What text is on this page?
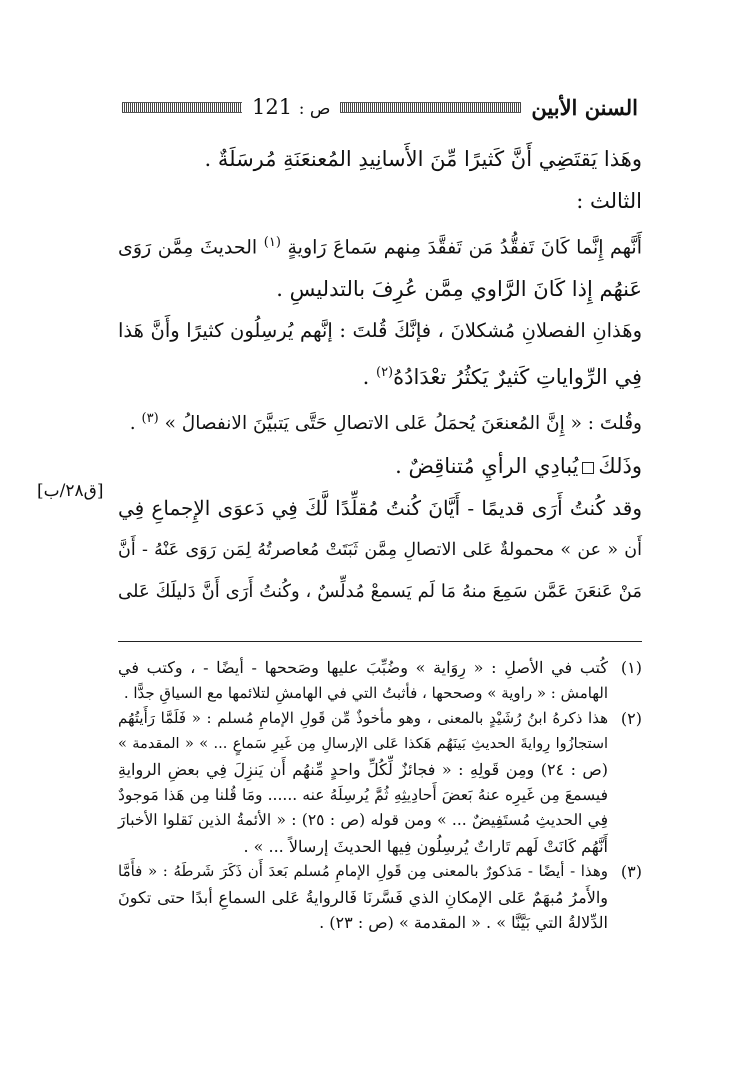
السنن الأبين
ص : 121
وهَذا يَقتَضِي أَنَّ كَثيرًا مِّنَ الأَسانِيدِ المُعنعَنَةِ مُرسَلَةٌ .
الثالث :
أَنَّهم إِنَّما كَانَ تَفقُّدُ مَن تَفقَّدَ مِنهم سَماعَ رَاويةٍ $^{(١)}$ الحديثَ مِمَّن رَوَى
عَنهُم إِذا كَانَ الرَّاوي مِمَّن عُرِفَ بالتدليسِ .
وهَذانِ الفصلانِ مُشكلانَ ، فإنَّكَ قُلتَ : إنَّهم يُرسِلُون كثيرًا وأَنَّ هَذا
فِي الرِّواياتِ كَثيرٌ يَكثُرُ تعْدَادُهُ$^{(٢)}$ .
وقُلتَ : « إِنَّ المُعنعَنَ يُحمَلُ عَلى الاتصالِ حَتَّى يَتبيَّنَ الانفصالُ » $^{(٣)}$ .
وذَلكَيُبادِي الرأيِ مُتناقِضٌ .
وقد كُنتُ أَرَى قديمًا - أَيَّانَ كُنتُ مُقلِّدًا لَّكَ فِي دَعوَى الإِجماعِ فِي
أَن « عن » محمولةٌ عَلى الاتصالِ مِمَّن ثَبَتَتْ مُعاصرتُهُ لِمَن رَوَى عَنْهُ - أَنَّ
مَنْ عَنعَنَ عَمَّن سَمِعَ منهُ مَا لَم يَسمعْ مُدلِّسٌ ، وكُنتُ أَرَى أَنَّ دَليلَكَ عَلى
[ق٢٨/ب]
(١)
كُتب في الأصلِ : « رِوَاية » وضُبِّبَ عليها وصَححها - أيضًا - ، وكتب في
الهامش : « راوية » وصححها ، فأثبتُ التي في الهامشِ لتلائمها مع السياقِ جدًّا .
(٢)
هذا ذكرهُ ابنُ رُشَيْدٍ بالمعنى ، وهو مأخوذٌ مِّن قَولِ الإمامِ مُسلم : « فَلَمَّا رَأَيتُهُم
استجازُوا رِوايةَ الحديثِ بَينَهُم هَكذا عَلى الإرسالِ مِن غَيرِ سَماعٍ ... » « المقدمة »
(ص : ٢٤) ومِن قَولِهِ : « فجائزٌ لِّكُلِّ واحدٍ مِّنهُم أَن يَنزِلَ فِي بعضِ الروايةِ
فيسمعَ مِن غَيرِه عنهُ بَعضَ أَحادِيثِهِ ثُمَّ يُرسِلَهُ عنه ...... ومَا قُلنا مِن هَذا مَوجودٌ
فِي الحديثِ مُستَفِيضٌ ... » ومن قوله (ص : ٢٥) : « الأئمةُ الذين نَقلوا الأخبارَ
أَنَّهُم كَانَتْ لَهم تَاراتٌ يُرسِلُون فِيها الحديثَ إرسالاً ... » .
(٣)
وهذا - أيضًا - مَذكورٌ بالمعنى مِن قَولِ الإمامِ مُسلم بَعدَ أَن ذَكَرَ شَرطَهُ : « فأَمَّا
والأَمرُ مُبهَمٌ عَلى الإمكانِ الذي فَسَّرنَا فَالروايةُ عَلى السماعِ أبدًا حتى تكونَ
الدِّلالةُ التي بَيَّنَّا » . « المقدمة » (ص : ٢٣) .
